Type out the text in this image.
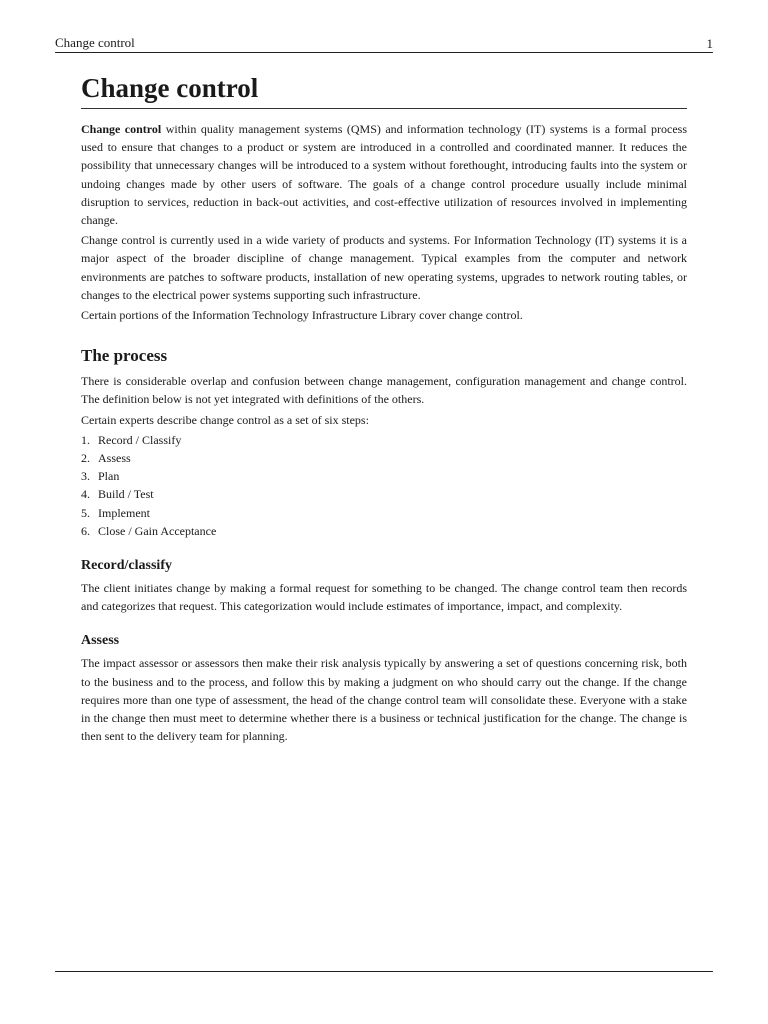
Change control	1
Change control

Change control within quality management systems (QMS) and information technology (IT) systems is a formal process used to ensure that changes to a product or system are introduced in a controlled and coordinated manner. It reduces the possibility that unnecessary changes will be introduced to a system without forethought, introducing faults into the system or undoing changes made by other users of software. The goals of a change control procedure usually include minimal disruption to services, reduction in back-out activities, and cost-effective utilization of resources involved in implementing change.

Change control is currently used in a wide variety of products and systems. For Information Technology (IT) systems it is a major aspect of the broader discipline of change management. Typical examples from the computer and network environments are patches to software products, installation of new operating systems, upgrades to network routing tables, or changes to the electrical power systems supporting such infrastructure.

Certain portions of the Information Technology Infrastructure Library cover change control.

The process

There is considerable overlap and confusion between change management, configuration management and change control. The definition below is not yet integrated with definitions of the others.

Certain experts describe change control as a set of six steps:

1. Record / Classify
2. Assess
3. Plan
4. Build / Test
5. Implement
6. Close / Gain Acceptance
Record/classify

The client initiates change by making a formal request for something to be changed. The change control team then records and categorizes that request. This categorization would include estimates of importance, impact, and complexity.

Assess

The impact assessor or assessors then make their risk analysis typically by answering a set of questions concerning risk, both to the business and to the process, and follow this by making a judgment on who should carry out the change. If the change requires more than one type of assessment, the head of the change control team will consolidate these. Everyone with a stake in the change then must meet to determine whether there is a business or technical justification for the change. The change is then sent to the delivery team for planning.
